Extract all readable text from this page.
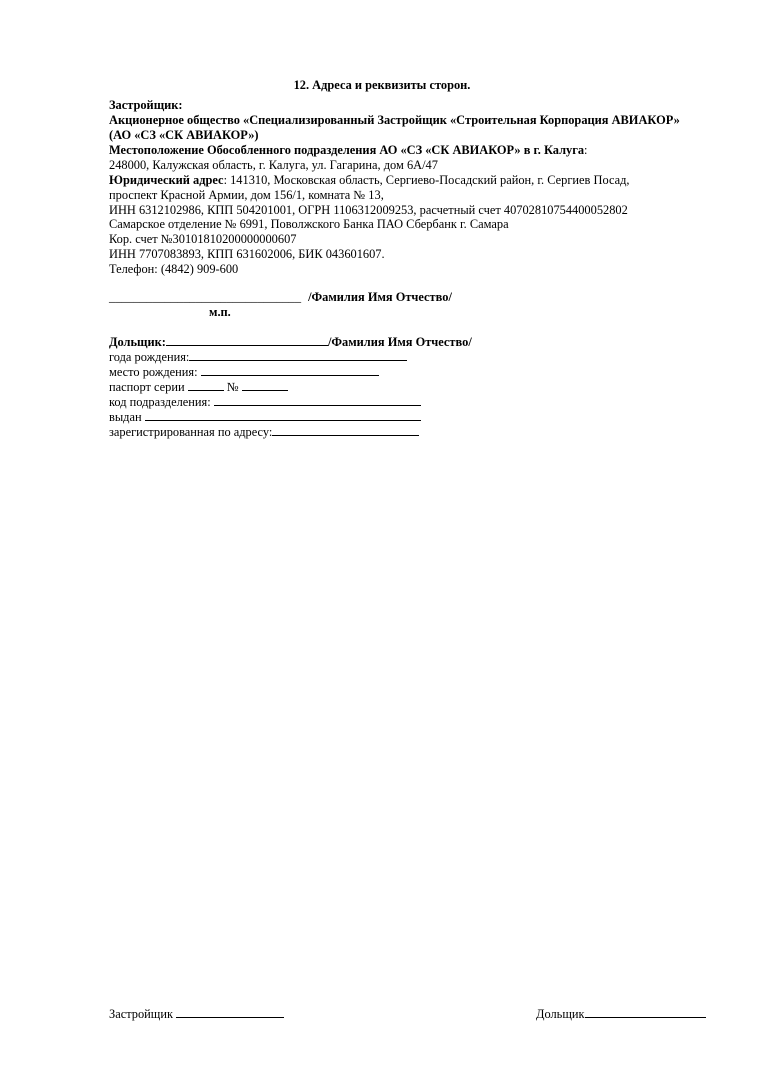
12. Адреса и реквизиты сторон.
Застройщик:
Акционерное общество «Специализированный Застройщик «Строительная Корпорация АВИАКОР»
(АО «СЗ «СК АВИАКОР»)
Местоположение Обособленного подразделения АО «СЗ «СК АВИАКОР» в г. Калуга:
248000, Калужская область, г. Калуга, ул. Гагарина, дом 6А/47
Юридический адрес: 141310, Московская область, Сергиево-Посадский район, г. Сергиев Посад,
проспект Красной Армии, дом 156/1, комната № 13,
ИНН 6312102986, КПП 504201001, ОГРН 1106312009253, расчетный счет 40702810754400052802
Самарское отделение № 6991, Поволжского Банка ПАО Сбербанк г. Самара
Кор. счет №30101810200000000607
ИНН 7707083893, КПП 631602006, БИК 043601607.
Телефон: (4842) 909-600
_______________________________ /Фамилия Имя Отчество/
м.п.
Дольщик:	/Фамилия Имя Отчество/
года рождения:
место рождения:
паспорт серии	№
код подразделения:
выдан
зарегистрированная по адресу:
Застройщик	Дольщик
